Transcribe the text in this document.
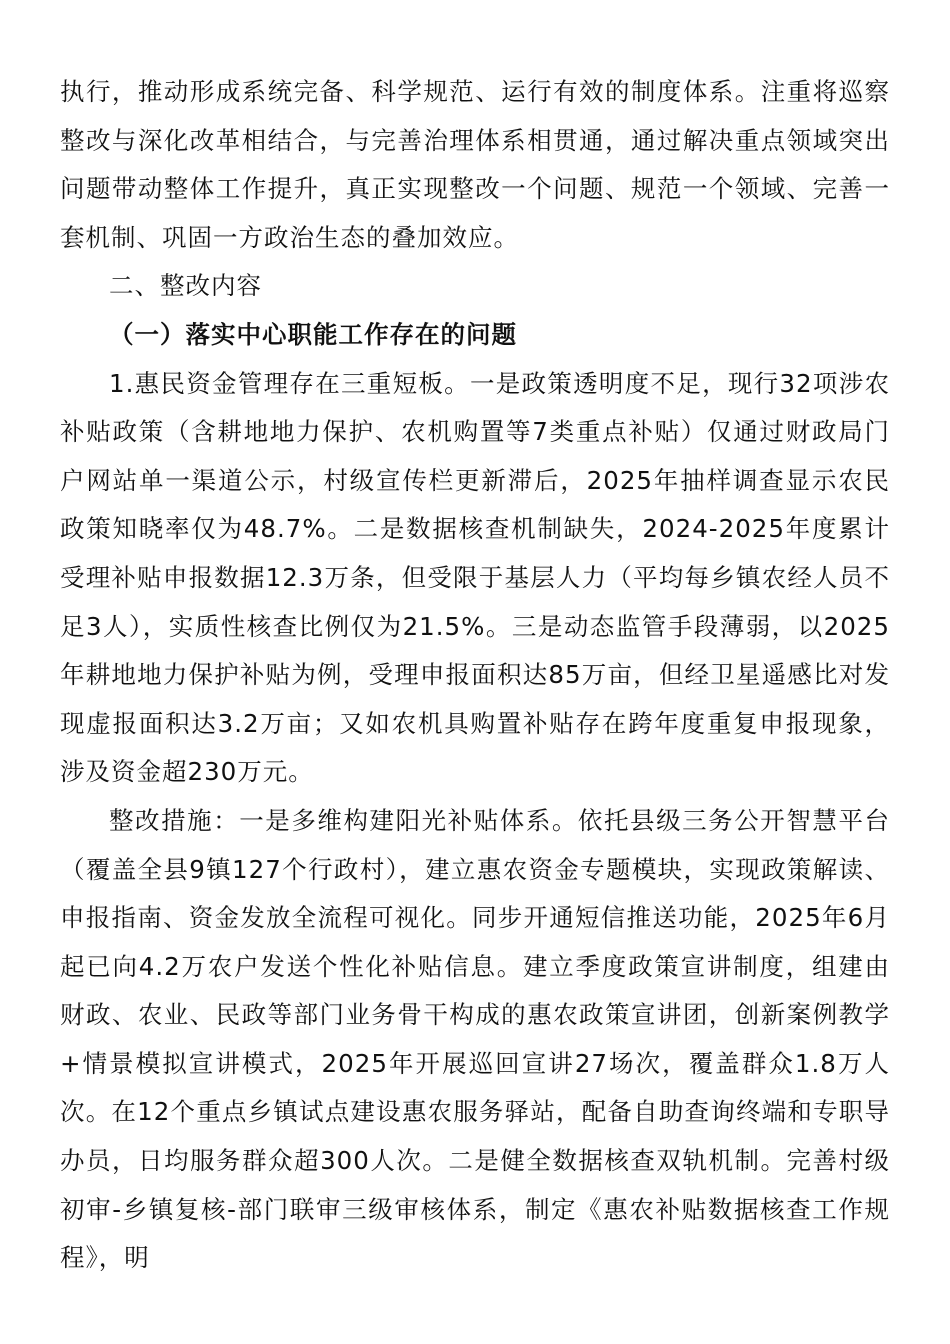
执行，推动形成系统完备、科学规范、运行有效的制度体系。注重将巡察整改与深化改革相结合，与完善治理体系相贯通，通过解决重点领域突出问题带动整体工作提升，真正实现整改一个问题、规范一个领域、完善一套机制、巩固一方政治生态的叠加效应。

二、整改内容

（一）落实中心职能工作存在的问题

1.惠民资金管理存在三重短板。一是政策透明度不足，现行32项涉农补贴政策（含耕地地力保护、农机购置等7类重点补贴）仅通过财政局门户网站单一渠道公示，村级宣传栏更新滞后，2025年抽样调查显示农民政策知晓率仅为48.7%。二是数据核查机制缺失，2024-2025年度累计受理补贴申报数据12.3万条，但受限于基层人力（平均每乡镇农经人员不足3人），实质性核查比例仅为21.5%。三是动态监管手段薄弱，以2025年耕地地力保护补贴为例，受理申报面积达85万亩，但经卫星遥感比对发现虚报面积达3.2万亩；又如农机具购置补贴存在跨年度重复申报现象，涉及资金超230万元。

整改措施：一是多维构建阳光补贴体系。依托县级三务公开智慧平台（覆盖全县9镇127个行政村），建立惠农资金专题模块，实现政策解读、申报指南、资金发放全流程可视化。同步开通短信推送功能，2025年6月起已向4.2万农户发送个性化补贴信息。建立季度政策宣讲制度，组建由财政、农业、民政等部门业务骨干构成的惠农政策宣讲团，创新案例教学+情景模拟宣讲模式，2025年开展巡回宣讲27场次，覆盖群众1.8万人次。在12个重点乡镇试点建设惠农服务驿站，配备自助查询终端和专职导办员，日均服务群众超300人次。二是健全数据核查双轨机制。完善村级初审-乡镇复核-部门联审三级审核体系，制定《惠农补贴数据核查工作规程》，明
